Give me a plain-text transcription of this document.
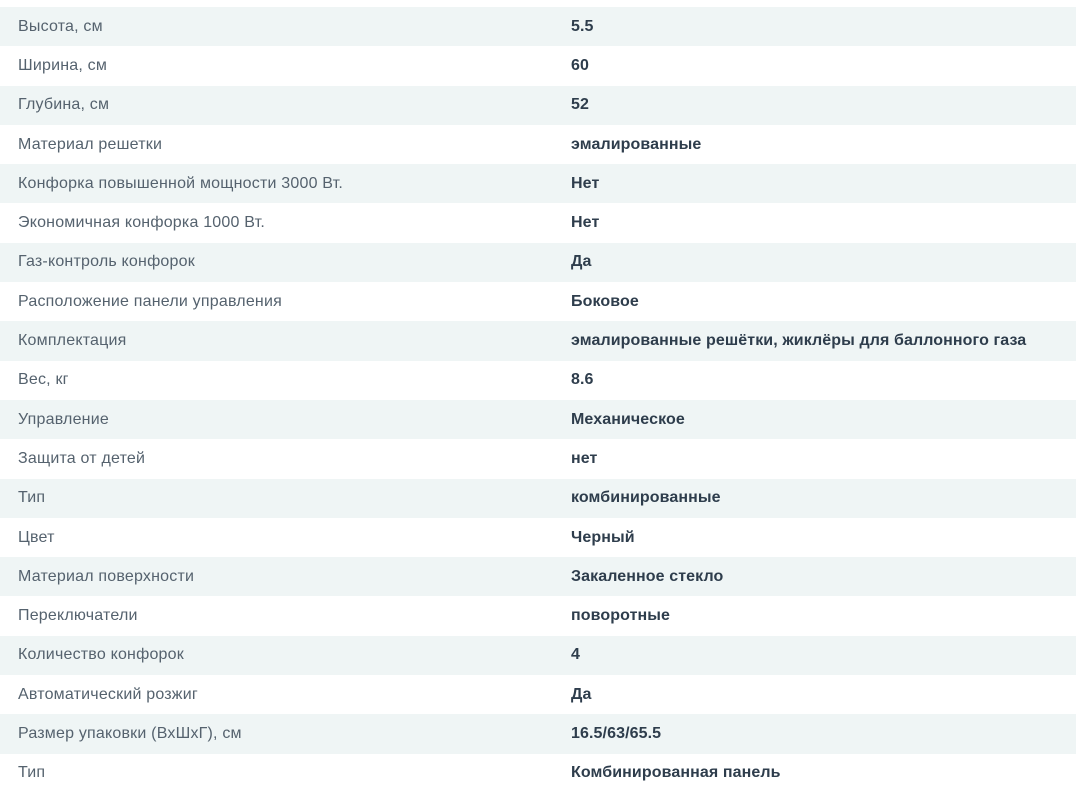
Высота, см	5.5
Ширина, см	60
Глубина, см	52
Материал решетки	эмалированные
Конфорка повышенной мощности 3000 Вт.	Нет
Экономичная конфорка 1000 Вт.	Нет
Газ-контроль конфорок	Да
Расположение панели управления	Боковое
Комплектация	эмалированные решётки, жиклёры для баллонного газа
Вес, кг	8.6
Управление	Механическое
Защита от детей	нет
Тип	комбинированные
Цвет	Черный
Материал поверхности	Закаленное стекло
Переключатели	поворотные
Количество конфорок	4
Автоматический розжиг	Да
Размер упаковки (ВхШхГ), см	16.5/63/65.5
Тип	Комбинированная панель
